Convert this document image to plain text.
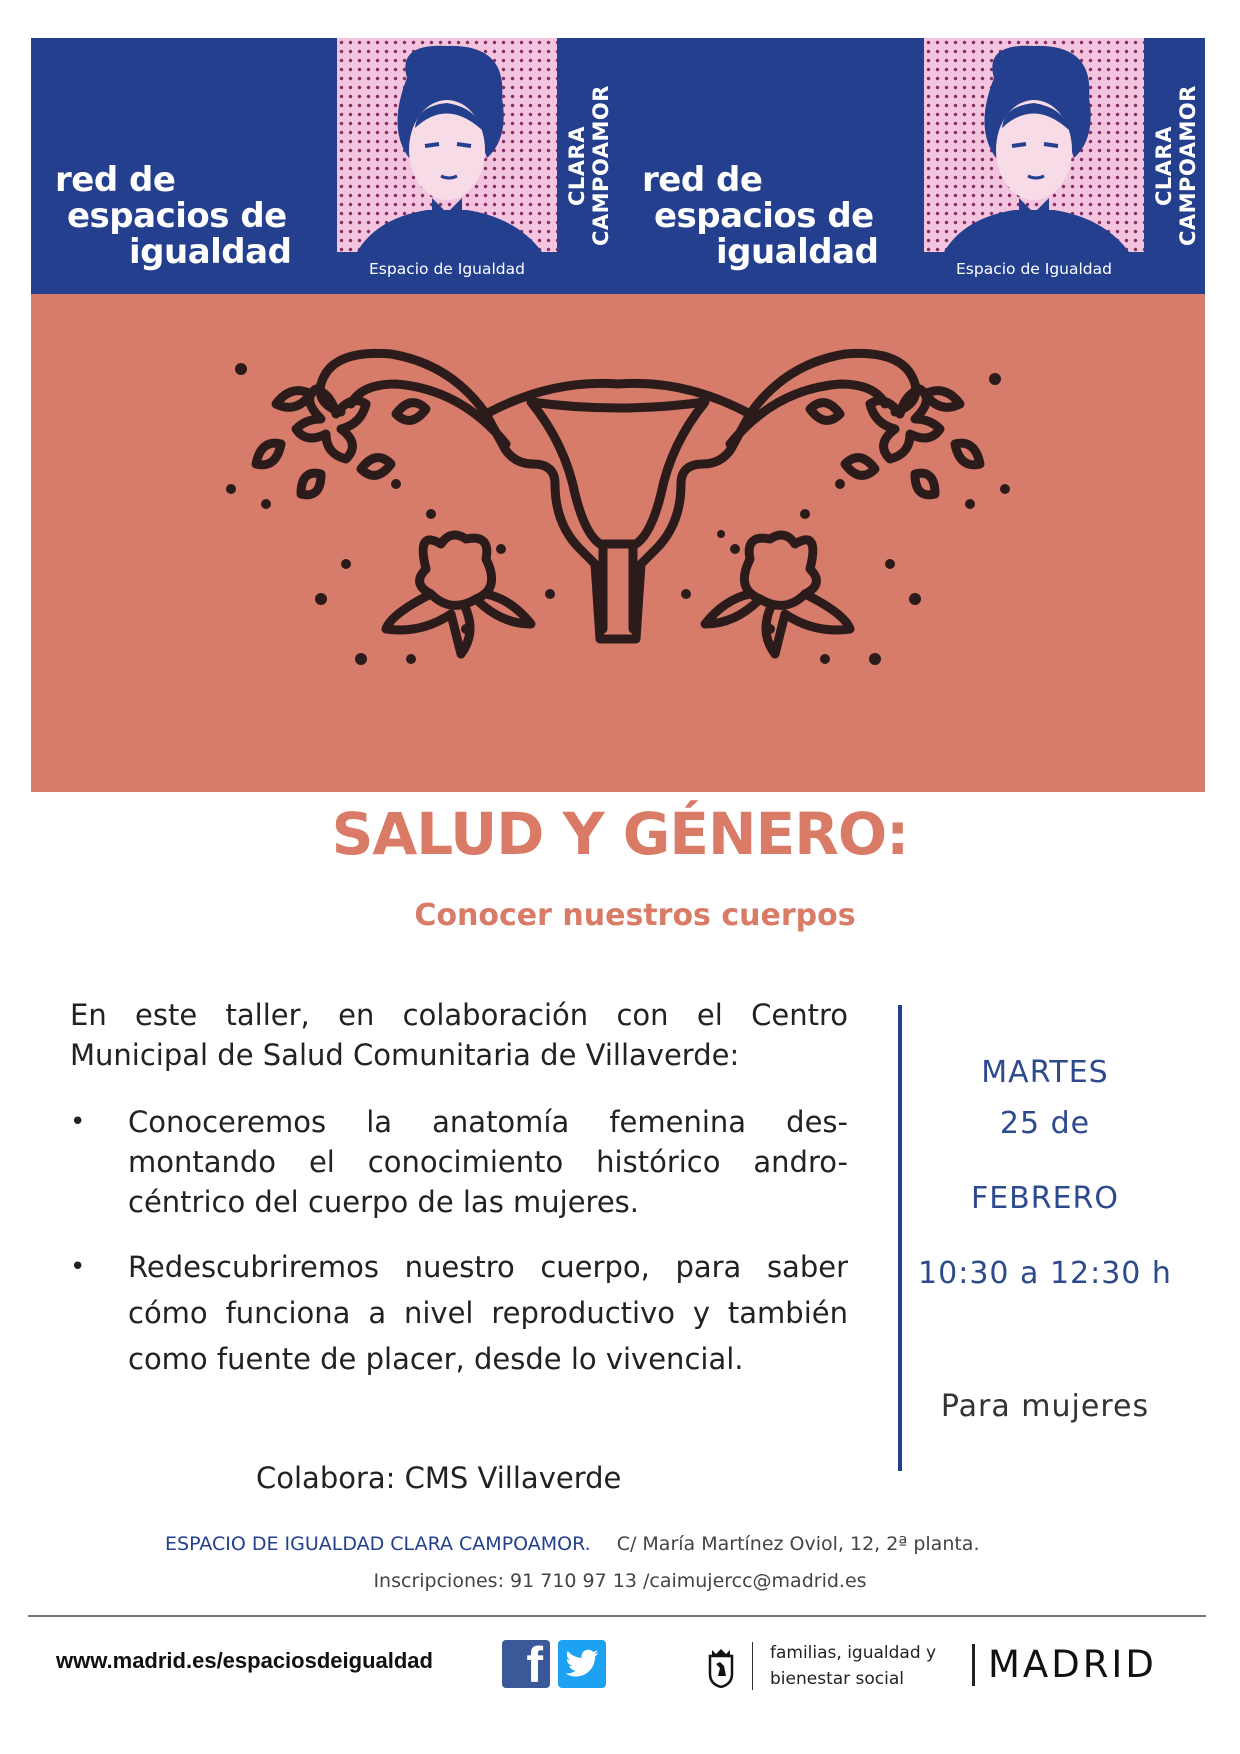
red de
espacios de
igualdad	Espacio de Igualdad
CLARA CAMPOAMOR red de
espacios de
igualdad	Espacio de Igualdad
CLARA CAMPOAMOR
SALUD Y GÉNERO:
Conocer nuestros cuerpos
En este taller, en colaboración con el Centro Municipal de Salud Comunitaria de Villaverde:
• Conoceremos la anatomía femenina des-montando el conocimiento histórico andro-céntrico del cuerpo de las mujeres.
• Redescubriremos nuestro cuerpo, para saber cómo funciona a nivel reproductivo y también como fuente de placer, desde lo vivencial.
Colabora: CMS Villaverde
MARTES
25 de
FEBRERO
10:30 a 12:30 h
Para mujeres
ESPACIO DE IGUALDAD CLARA CAMPOAMOR. C/ María Martínez Oviol, 12, 2ª planta.
Inscripciones: 91 710 97 13 /caimujercc@madrid.es
www.madrid.es/espaciosdeigualdad f	familias, igualdad y
bienestar social	MADRID
